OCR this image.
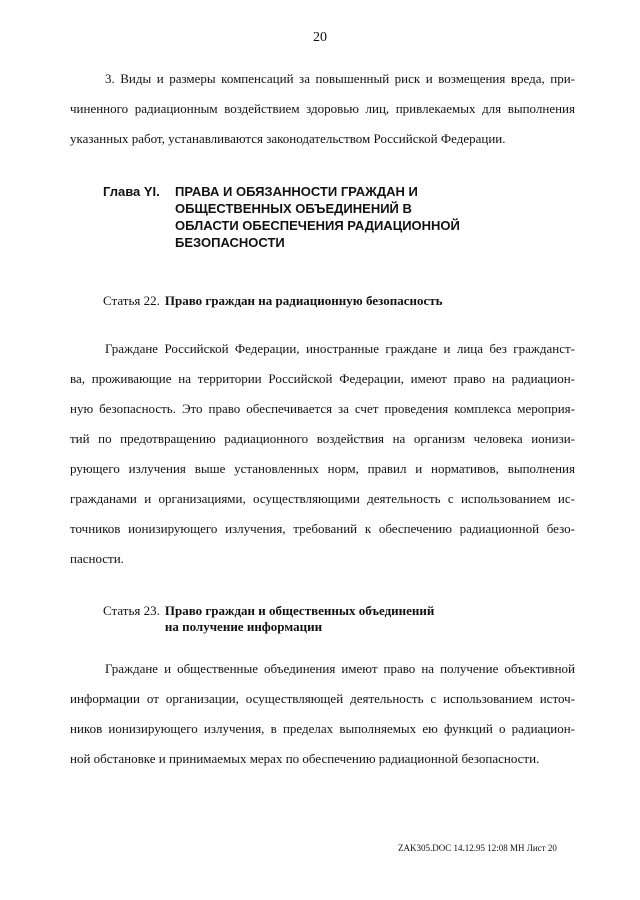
20
3. Виды и размеры компенсаций за повышенный риск и возмещения вреда, при-
чиненного радиационным воздействием здоровью лиц, привлекаемых для выполнения
указанных работ, устанавливаются законодательством Российской Федерации.
Глава YI.	ПРАВА И ОБЯЗАННОСТИ ГРАЖДАН И
ОБЩЕСТВЕННЫХ ОБЪЕДИНЕНИЙ В
ОБЛАСТИ ОБЕСПЕЧЕНИЯ РАДИАЦИОННОЙ
БЕЗОПАСНОСТИ
Статья 22. Право граждан на радиационную безопасность
Граждане Российской Федерации, иностранные граждане и лица без гражданст-
ва, проживающие на территории Российской Федерации, имеют право на радиацион-
ную безопасность. Это право обеспечивается за счет проведения комплекса мероприя-
тий по предотвращению радиационного воздействия на организм человека ионизи-
рующего излучения выше установленных норм, правил и нормативов, выполнения
гражданами и организациями, осуществляющими деятельность с использованием ис-
точников ионизирующего излучения, требований к обеспечению радиационной безо-
пасности.
Статья 23. Право граждан и общественных объединений
на получение информации
Граждане и общественные объединения имеют право на получение объективной
информации от организации, осуществляющей деятельность с использованием источ-
ников ионизирующего излучения, в пределах выполняемых ею функций о радиацион-
ной обстановке и принимаемых мерах по обеспечению радиационной безопасности.
ZAK305.DOC 14.12.95 12:08 МН Лист 20
